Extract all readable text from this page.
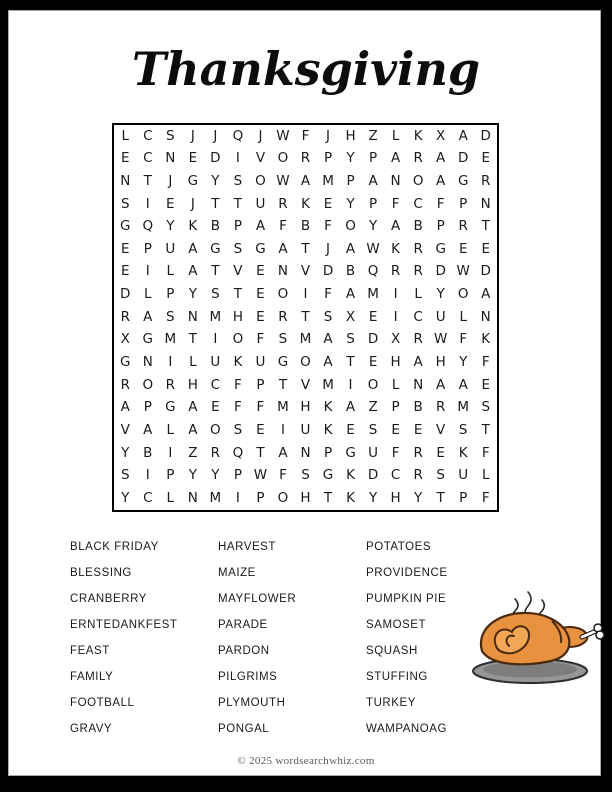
Thanksgiving
L	C	S	J	J	Q	J	W F	J	H Z	L	K X A D
E	C N E D	I	V O R	P	Y	P	A R A D E
N T	J	G Y	S O W A M P	A N O A G R
S	I	E	J	T	T U R K	E	Y	P	F	C	F	P N
G Q Y	K B	P	A	F	B	F O Y	A B	P	R	T
E	P	U A G S G A	T	J	A W K R G E	E
E	I	L	A	T	V	E N V D B Q R R D W D
D	L	P	Y	S	T	E O	I	F	A M	I	L	Y O A
R A	S N M H E	R	T	S	X	E	I	C U	L	N
X G M T	I	O F	S M A	S D X R W F	K
G N	I	L	U K U G O A	T	E H A H Y	F
R O R H C	F	P	T	V M	I	O L	N A A	E
A	P G A	E	F	F M H K A Z	P	B R M S
V A	L	A O S	E	I	U K	E	S	E	E	V	S	T
Y	B	I	Z R Q T	A N P G U	F	R	E	K	F
S	I	P	Y	Y	P W F	S G K D C R	S U	L
Y	C	L	N M	I	P O H T	K	Y H Y	T	P	F
BLACK FRIDAY
BLESSING
CRANBERRY
ERNTEDANKFEST
FEAST
FAMILY
FOOTBALL
GRAVY
HARVEST
MAIZE
MAYFLOWER
PARADE
PARDON
PILGRIMS
PLYMOUTH
PONGAL
POTATOES
PROVIDENCE
PUMPKIN PIE
SAMOSET
SQUASH
STUFFING
TURKEY
WAMPANOAG
© 2025 wordsearchwhiz.com
